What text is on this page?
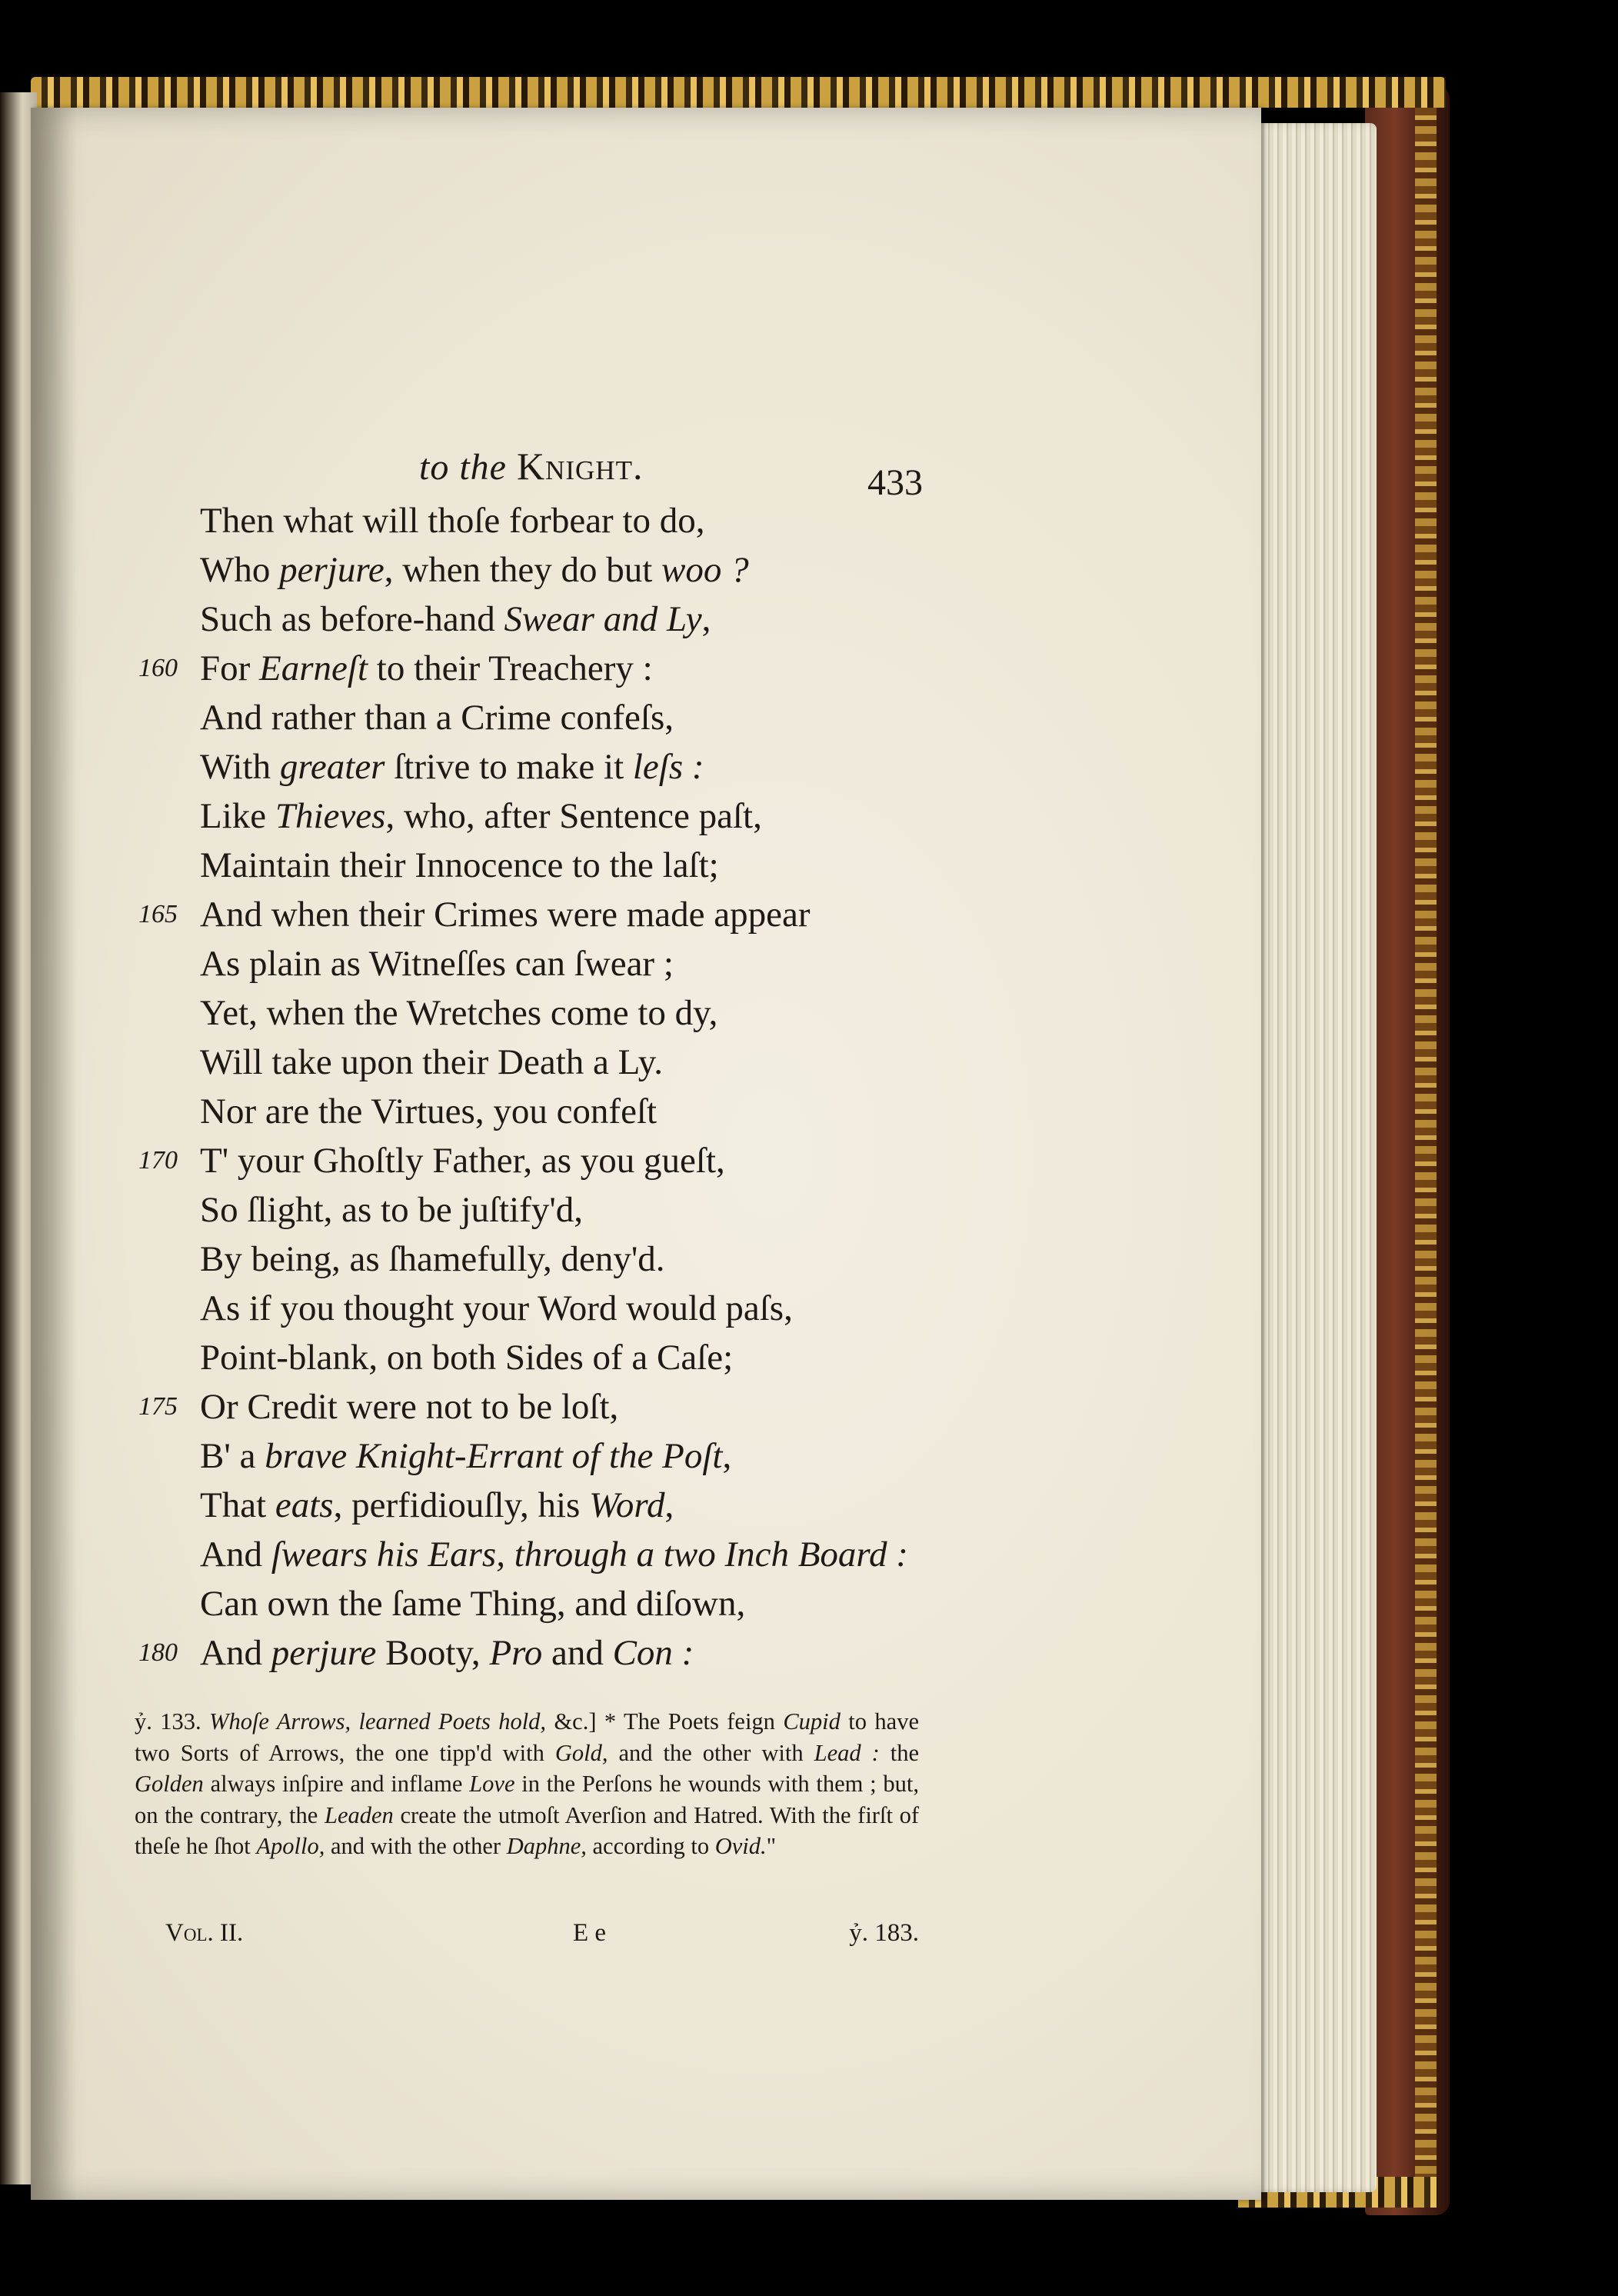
to the Knight.	433
Then what will thoſe forbear to do,
Who perjure, when they do but woo ?
Such as before-hand Swear and Ly,
160 For Earneſt to their Treachery :
And rather than a Crime confeſs,
With greater ſtrive to make it leſs :
Like Thieves, who, after Sentence paſt,
Maintain their Innocence to the laſt;
165 And when their Crimes were made appear
As plain as Witneſſes can ſwear ;
Yet, when the Wretches come to dy,
Will take upon their Death a Ly.
Nor are the Virtues, you confeſt
170 T' your Ghoſtly Father, as you gueſt,
So ſlight, as to be juſtify'd,
By being, as ſhamefully, deny'd.
As if you thought your Word would paſs,
Point-blank, on both Sides of a Caſe;
175 Or Credit were not to be loſt,
B' a brave Knight-Errant of the Poſt,
That eats, perfidiouſly, his Word,
And ſwears his Ears, through a two Inch Board :
Can own the ſame Thing, and diſown,
180 And perjure Booty, Pro and Con :
ỷ. 133. Whoſe Arrows, learned Poets hold, &c.] * The Poets feign Cupid to have two Sorts of Arrows, the one tipp'd with Gold, and the other with Lead : the Golden always inſpire and inflame Love in the Perſons he wounds with them ; but, on the contrary, the Leaden create the utmoſt Averſion and Hatred. With the firſt of theſe he ſhot Apollo, and with the other Daphne, according to Ovid."
Vol. II.	E e	ỷ. 183.
